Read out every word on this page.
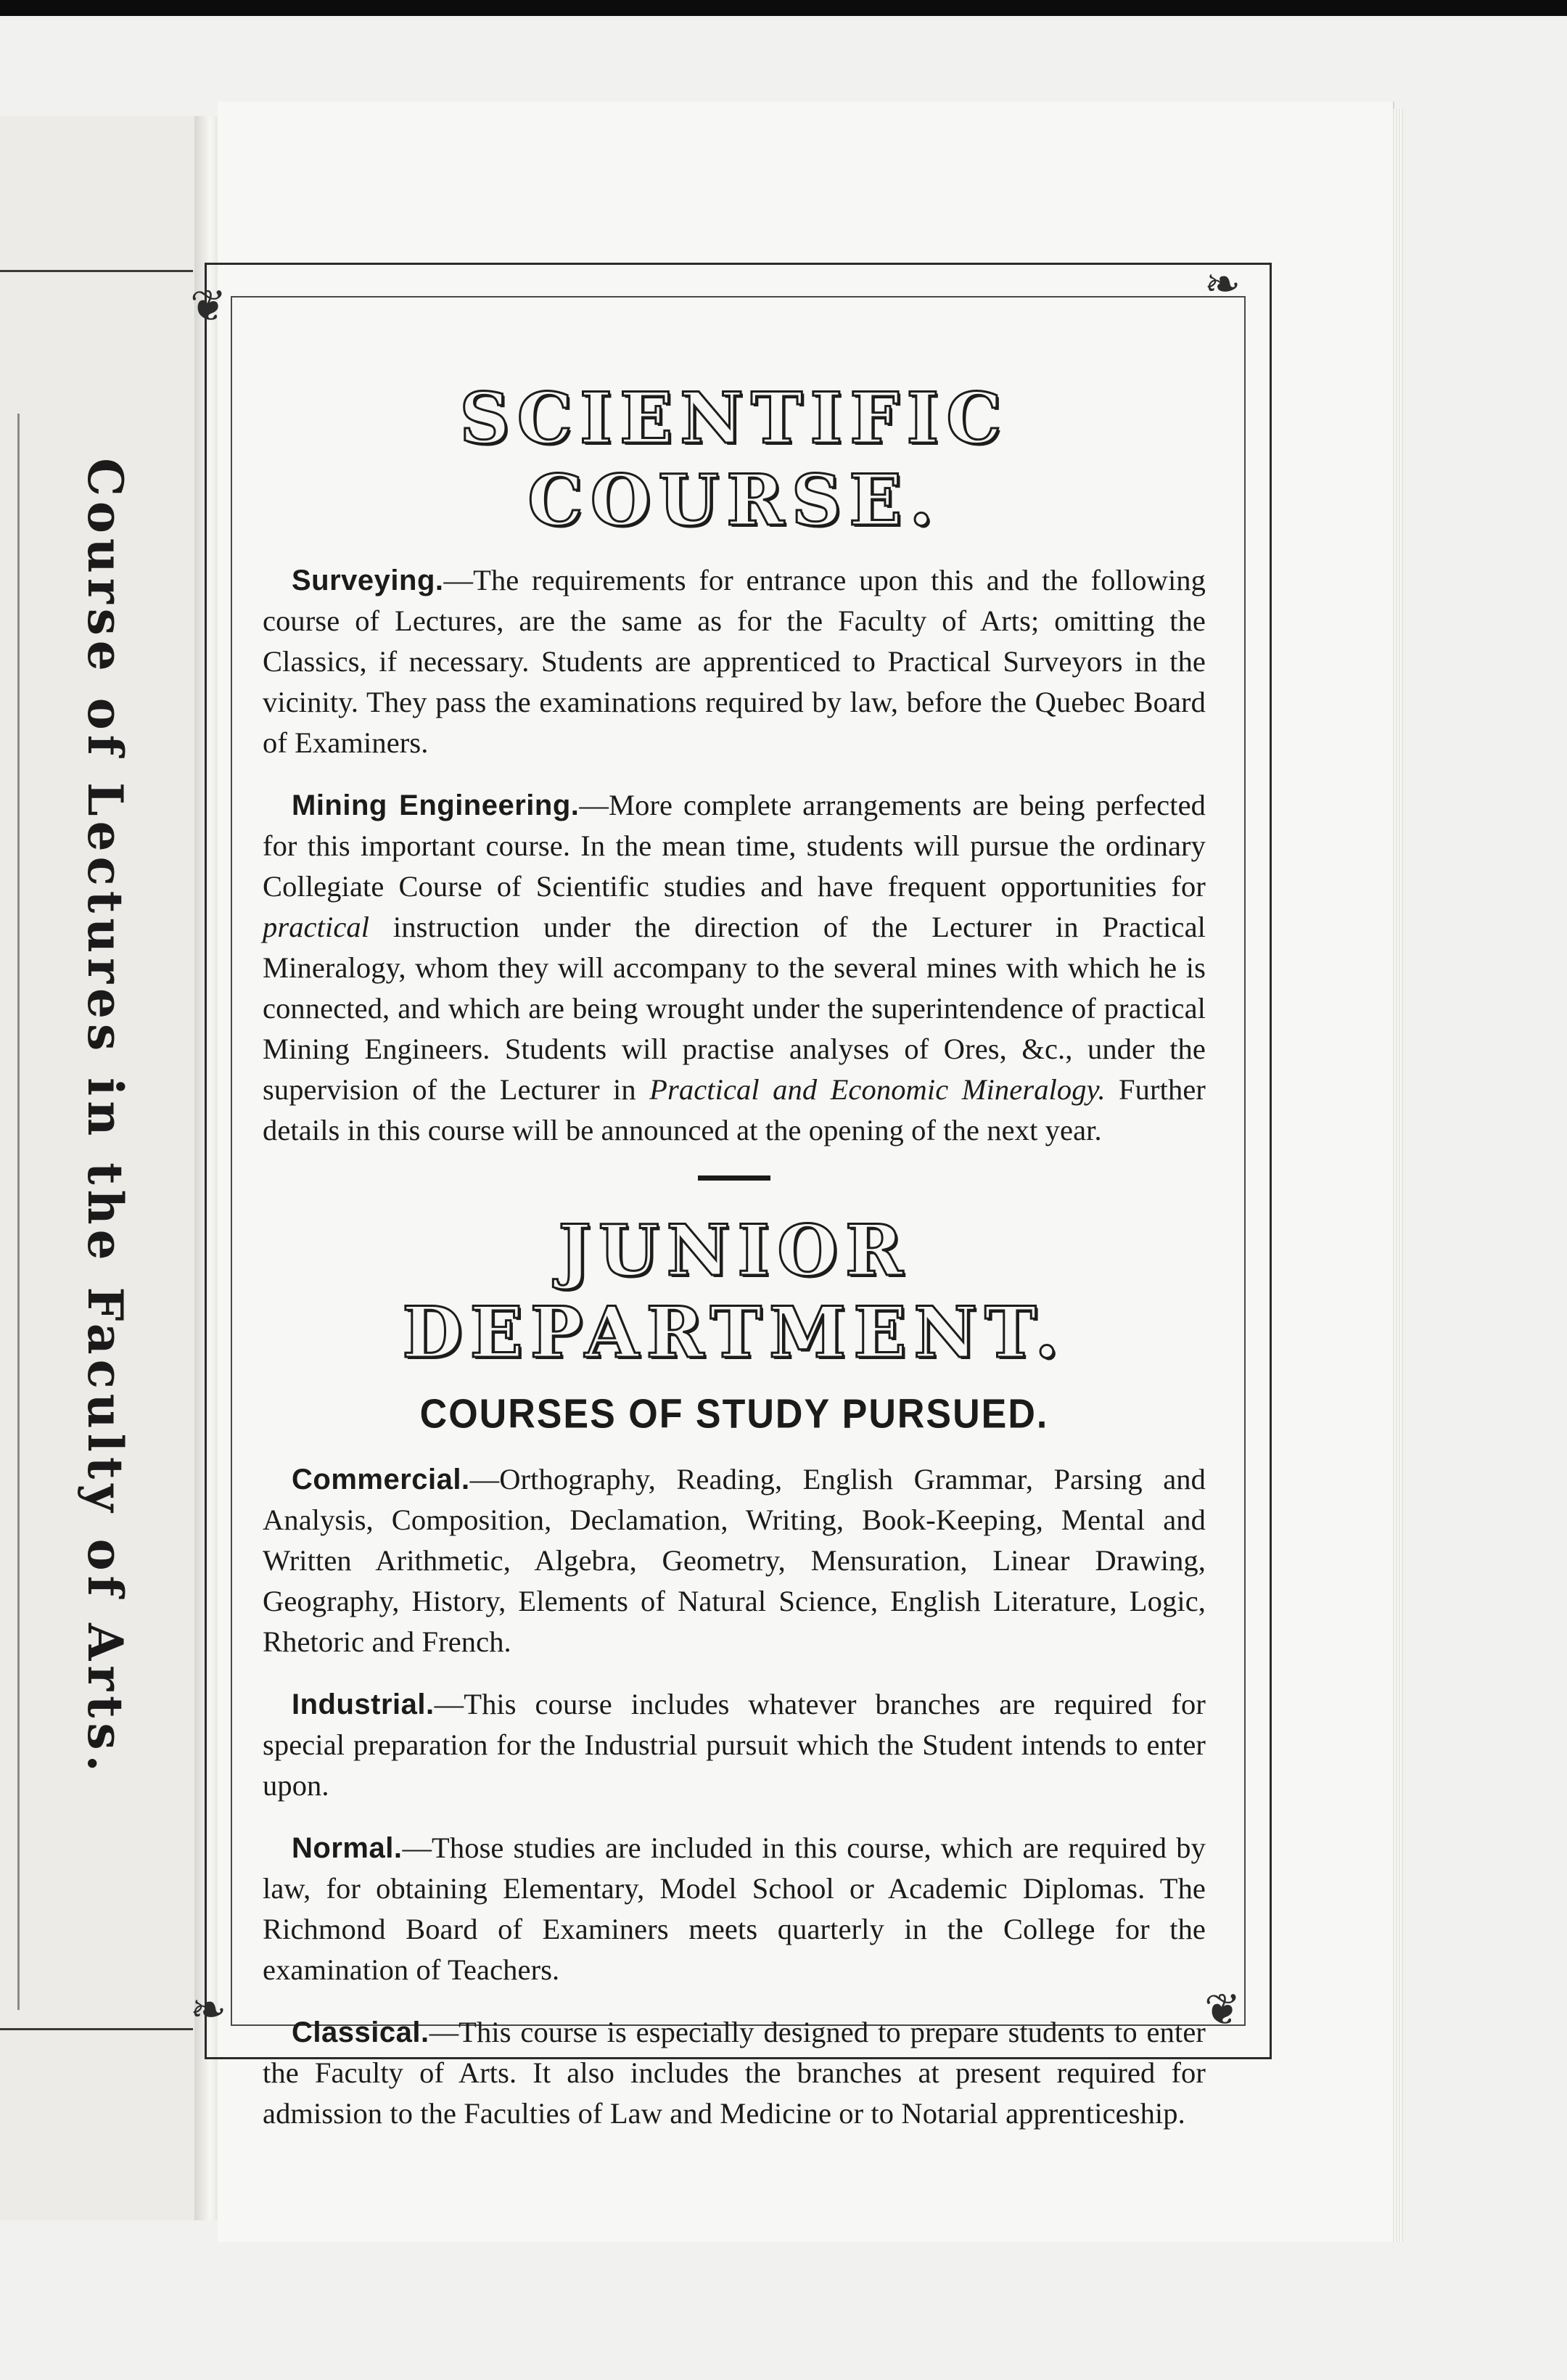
Course of Lectures in the Faculty of Arts.
❦	❧
❧	❦
SCIENTIFIC COURSE.

Surveying.—The requirements for entrance upon this and the following course of Lectures, are the same as for the Faculty of Arts; omitting the Classics, if necessary. Students are apprenticed to Practical Surveyors in the vicinity. They pass the examinations required by law, before the Quebec Board of Examiners.

Mining Engineering.—More complete arrangements are being perfected for this important course. In the mean time, students will pursue the ordinary Collegiate Course of Scientific studies and have frequent opportunities for practical instruction under the direction of the Lecturer in Practical Mineralogy, whom they will accompany to the several mines with which he is connected, and which are being wrought under the superintendence of practical Mining Engineers. Students will practise analyses of Ores, &c., under the supervision of the Lecturer in Practical and Economic Mineralogy. Further details in this course will be announced at the opening of the next year.

JUNIOR DEPARTMENT.
COURSES OF STUDY PURSUED.

Commercial.—Orthography, Reading, English Grammar, Parsing and Analysis, Composition, Declamation, Writing, Book-Keeping, Mental and Written Arithmetic, Algebra, Geometry, Mensuration, Linear Drawing, Geography, History, Elements of Natural Science, English Literature, Logic, Rhetoric and French.

Industrial.—This course includes whatever branches are required for special preparation for the Industrial pursuit which the Student intends to enter upon.

Normal.—Those studies are included in this course, which are required by law, for obtaining Elementary, Model School or Academic Diplomas. The Richmond Board of Examiners meets quarterly in the College for the examination of Teachers.

Classical.—This course is especially designed to prepare students to enter the Faculty of Arts. It also includes the branches at present required for admission to the Faculties of Law and Medicine or to Notarial apprenticeship.
